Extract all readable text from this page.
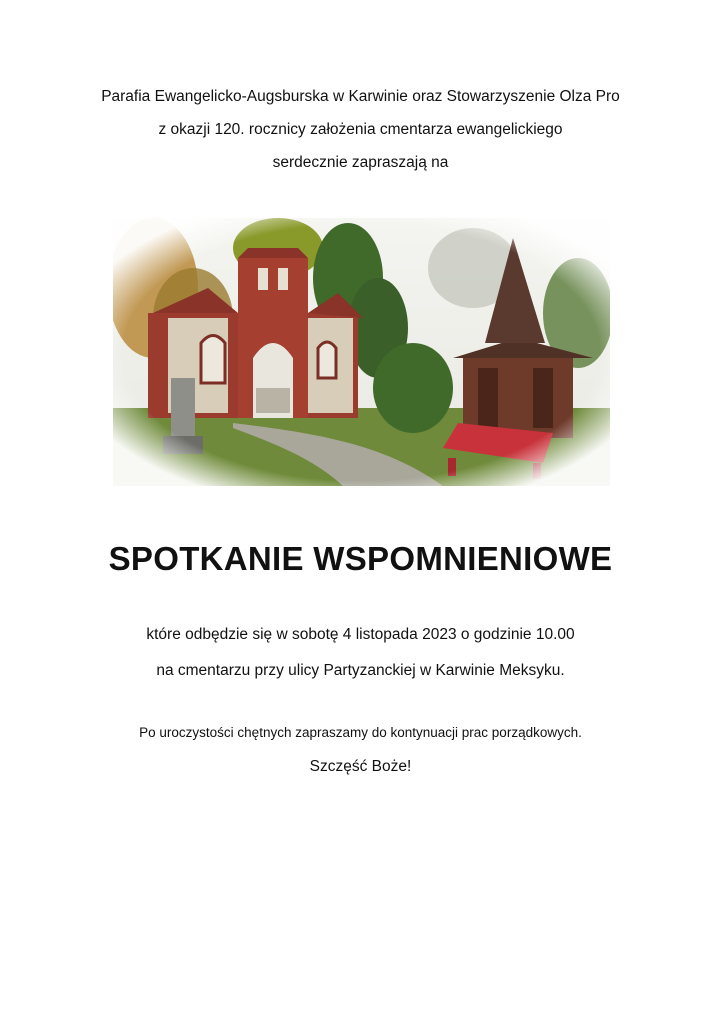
Parafia Ewangelicko-Augsburska w Karwinie oraz Stowarzyszenie Olza Pro
z okazji 120. rocznicy założenia cmentarza ewangelickiego
serdecznie zapraszają na
SPOTKANIE WSPOMNIENIOWE
które odbędzie się w sobotę 4 listopada 2023 o godzinie 10.00
na cmentarzu przy ulicy Partyzanckiej w Karwinie Meksyku.
Po uroczystości chętnych zapraszamy do kontynuacji prac porządkowych.
Szczęść Boże!
